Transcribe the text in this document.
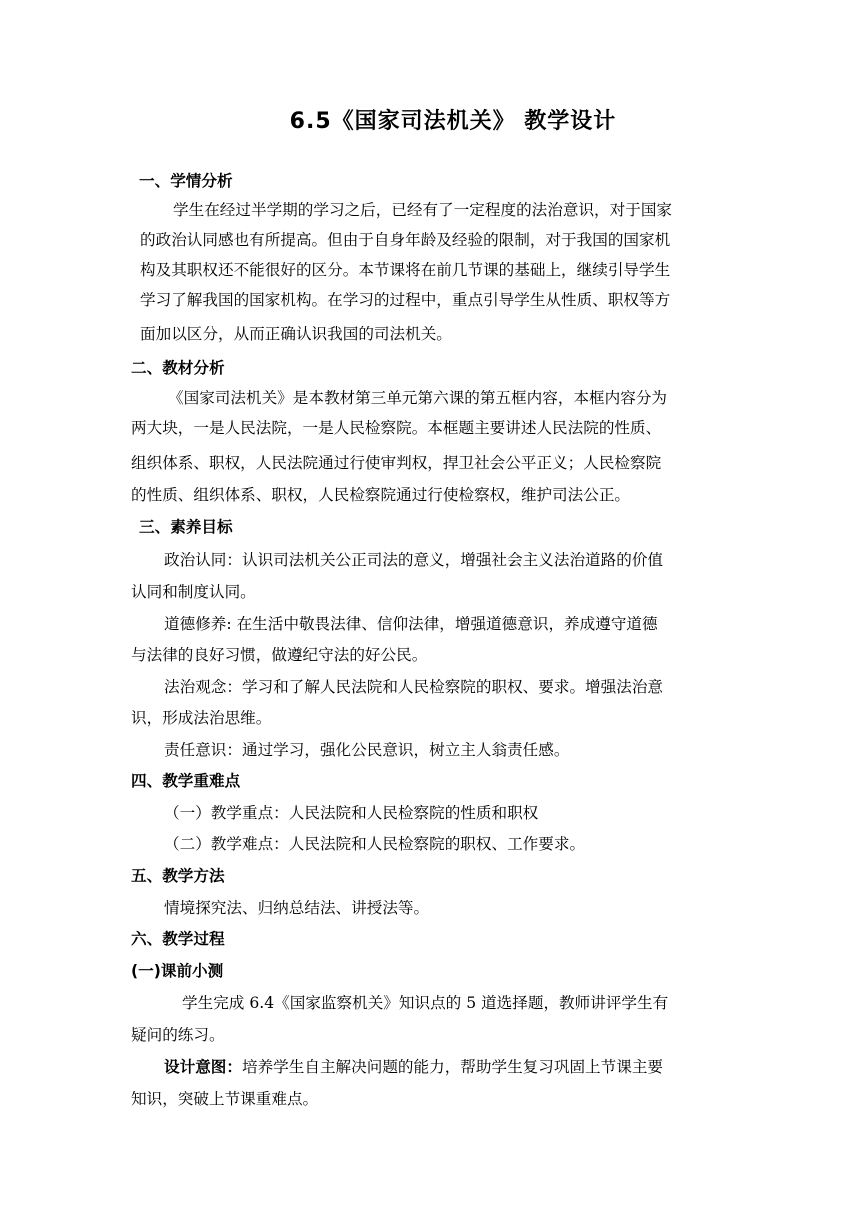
6.5《国家司法机关》 教学设计
一、学情分析
学生在经过半学期的学习之后，已经有了一定程度的法治意识，对于国家
的政治认同感也有所提高。但由于自身年龄及经验的限制，对于我国的国家机
构及其职权还不能很好的区分。本节课将在前几节课的基础上，继续引导学生
学习了解我国的国家机构。在学习的过程中，重点引导学生从性质、职权等方
面加以区分，从而正确认识我国的司法机关。
二、教材分析
《国家司法机关》是本教材第三单元第六课的第五框内容，本框内容分为
两大块，一是人民法院，一是人民检察院。本框题主要讲述人民法院的性质、
组织体系、职权，人民法院通过行使审判权，捍卫社会公平正义；人民检察院
的性质、组织体系、职权，人民检察院通过行使检察权，维护司法公正。
三、素养目标
政治认同：认识司法机关公正司法的意义，增强社会主义法治道路的价值
认同和制度认同。
道德修养: 在生活中敬畏法律、信仰法律，增强道德意识，养成遵守道德
与法律的良好习惯，做遵纪守法的好公民。
法治观念：学习和了解人民法院和人民检察院的职权、要求。增强法治意
识，形成法治思维。
责任意识：通过学习，强化公民意识，树立主人翁责任感。
四、教学重难点
（一）教学重点：人民法院和人民检察院的性质和职权
（二）教学难点：人民法院和人民检察院的职权、工作要求。
五、教学方法
情境探究法、归纳总结法、讲授法等。
六、教学过程
(一)课前小测
学生完成 6.4《国家监察机关》知识点的 5 道选择题，教师讲评学生有
疑问的练习。
设计意图：培养学生自主解决问题的能力，帮助学生复习巩固上节课主要
知识，突破上节课重难点。
